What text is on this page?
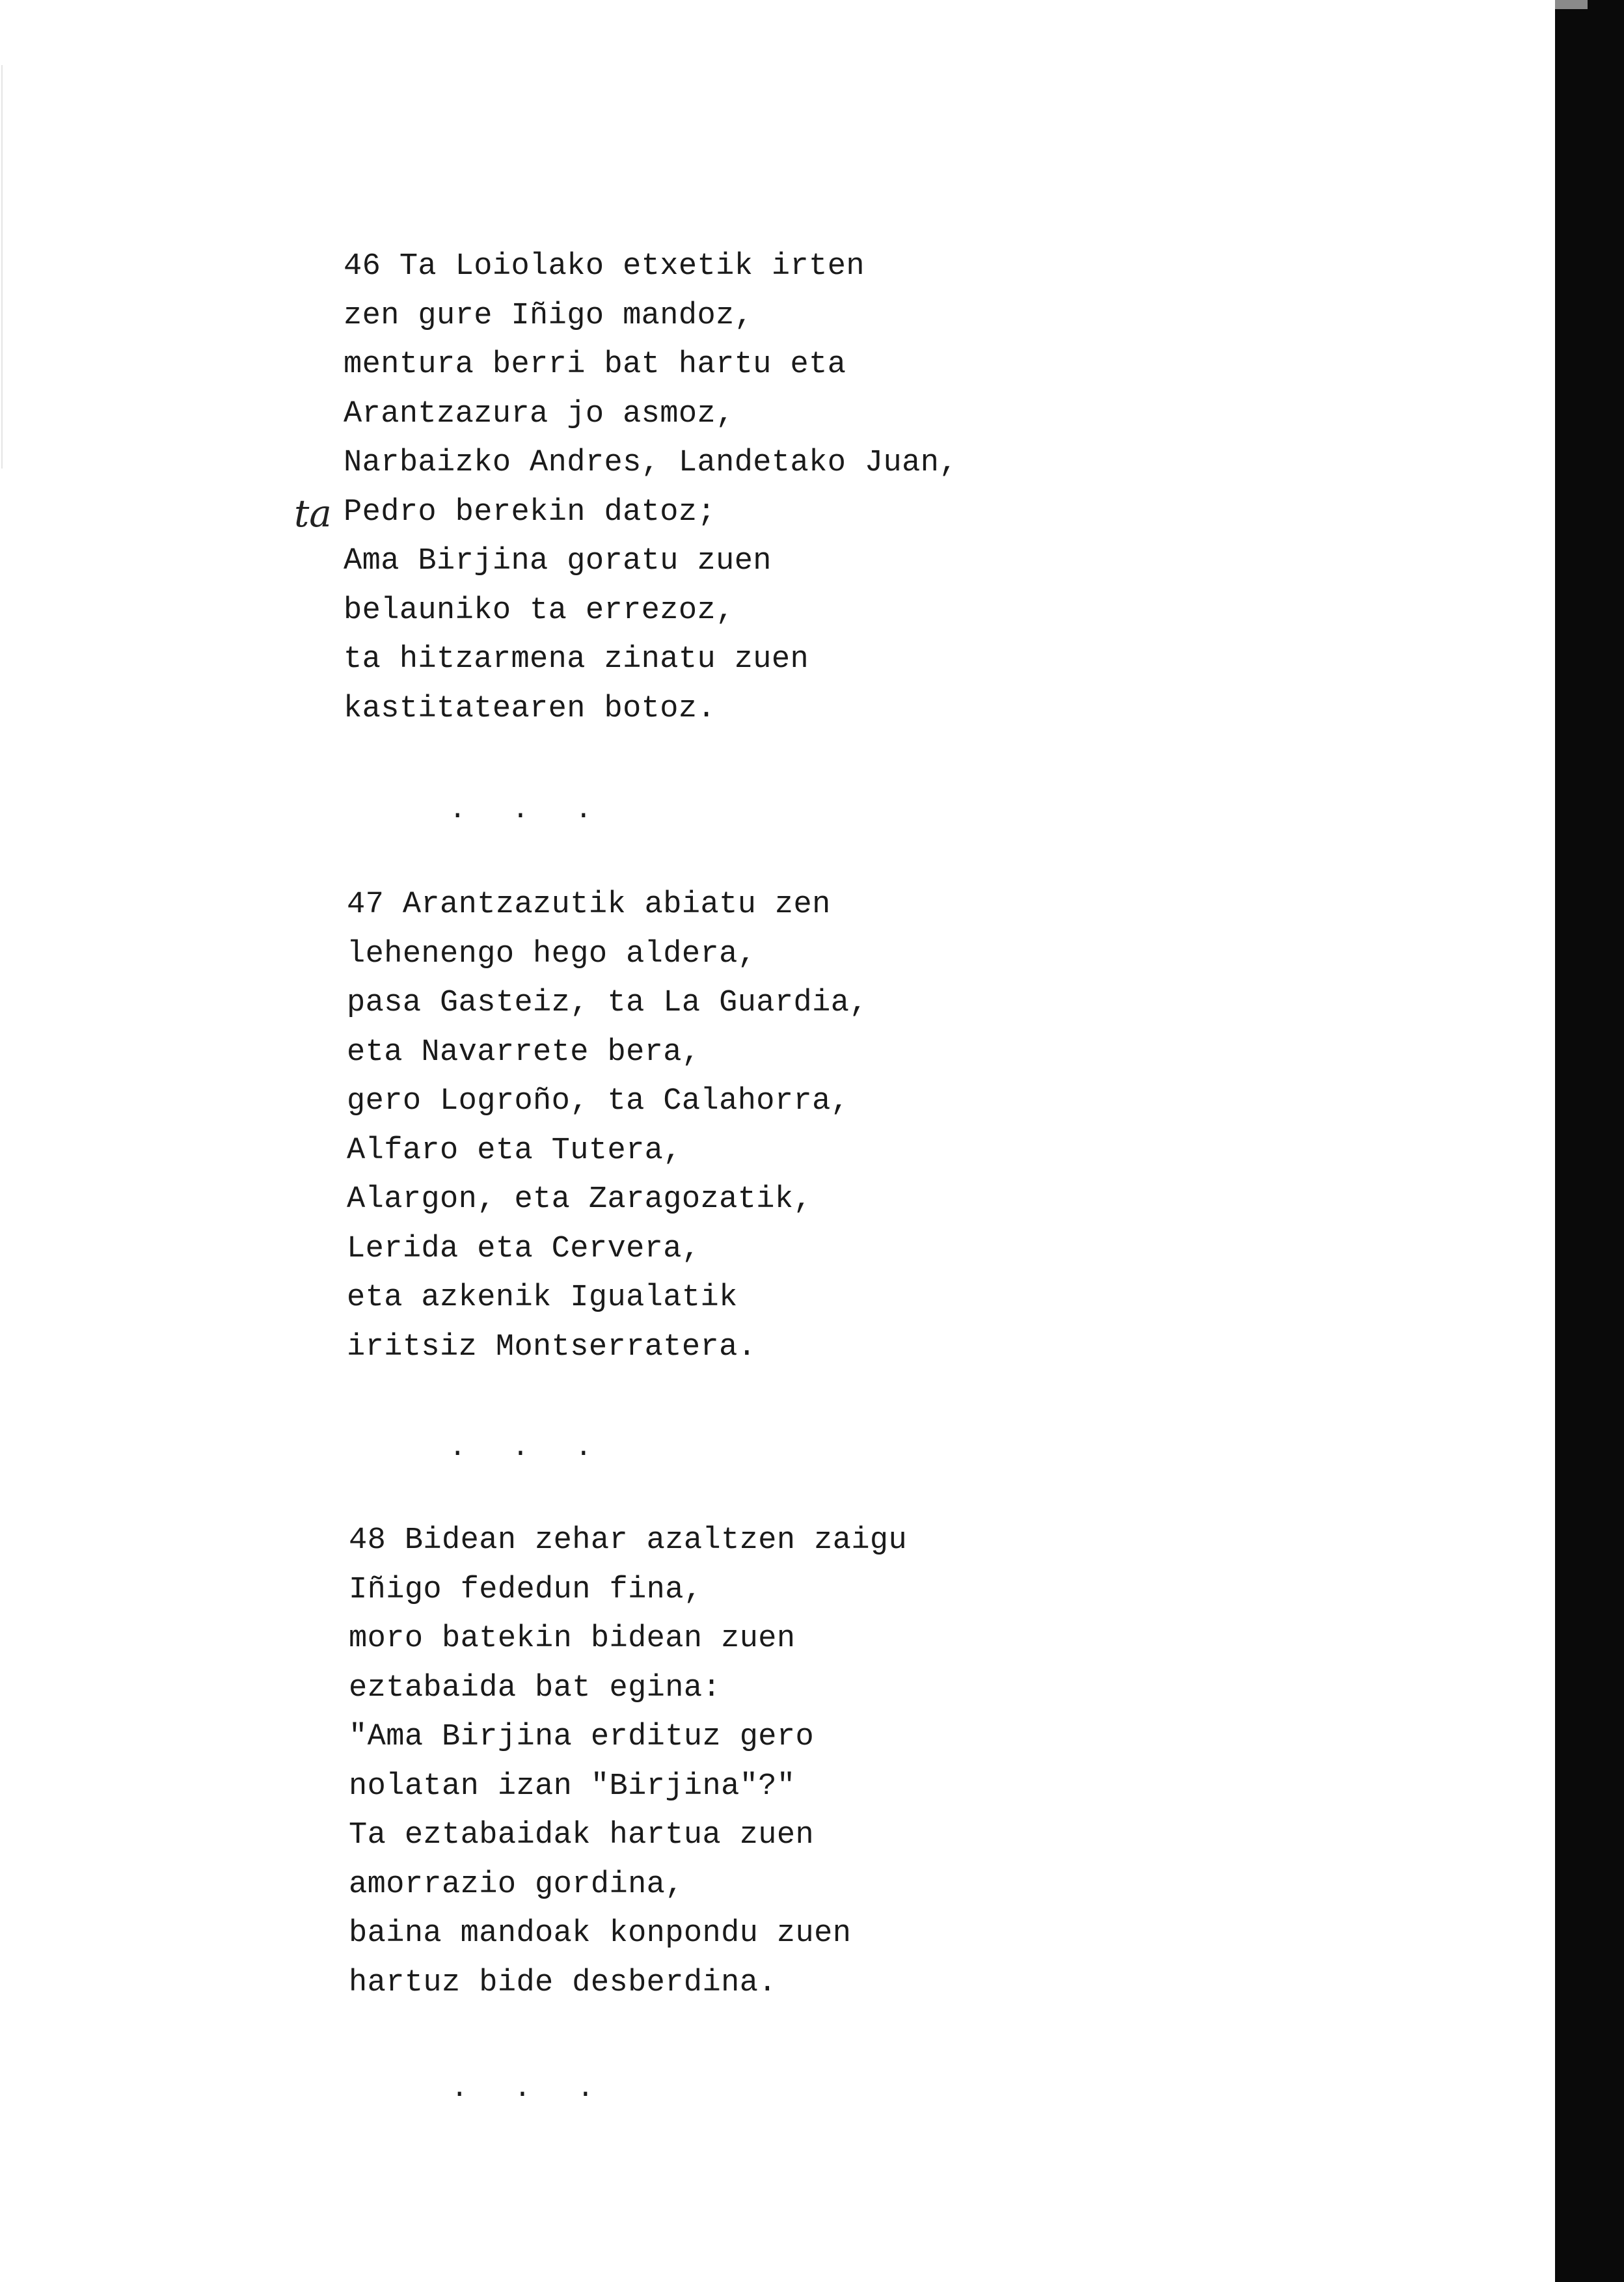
ta
46 Ta Loiolako etxetik irten
zen gure Iñigo mandoz,
mentura berri bat hartu eta
Arantzazura jo asmoz,
Narbaizko Andres, Landetako Juan,
Pedro berekin datoz;
Ama Birjina goratu zuen
belauniko ta errezoz,
ta hitzarmena zinatu zuen
kastitatearen botoz.
. . .
47 Arantzazutik abiatu zen
lehenengo hego aldera,
pasa Gasteiz, ta La Guardia,
eta Navarrete bera,
gero Logroño, ta Calahorra,
Alfaro eta Tutera,
Alargon, eta Zaragozatik,
Lerida eta Cervera,
eta azkenik Igualatik
iritsiz Montserratera.
. . .
48 Bidean zehar azaltzen zaigu
Iñigo fededun fina,
moro batekin bidean zuen
eztabaida bat egina:
"Ama Birjina erdituz gero
nolatan izan "Birjina"?"
Ta eztabaidak hartua zuen
amorrazio gordina,
baina mandoak konpondu zuen
hartuz bide desberdina.
. . .
